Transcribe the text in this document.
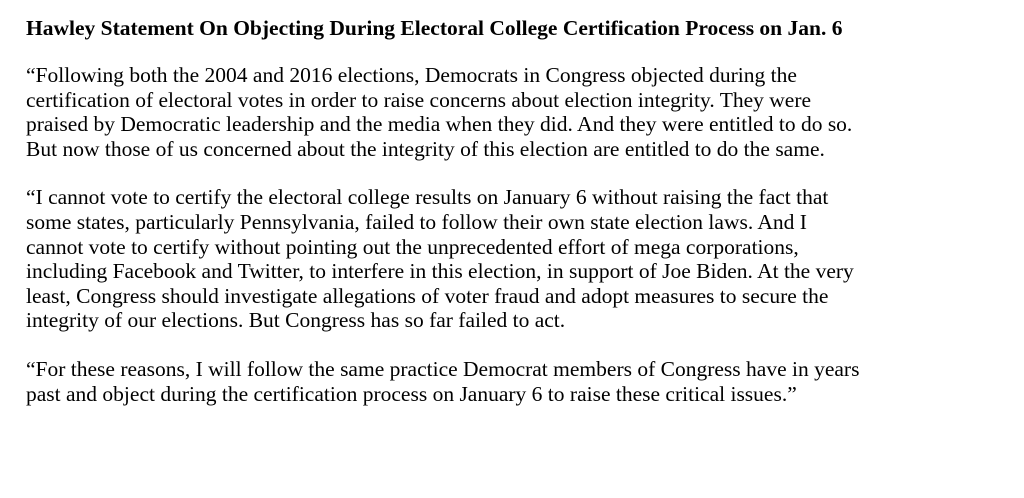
Hawley Statement On Objecting During Electoral College Certification Process on Jan. 6

“Following both the 2004 and 2016 elections, Democrats in Congress objected during the
certification of electoral votes in order to raise concerns about election integrity. They were
praised by Democratic leadership and the media when they did. And they were entitled to do so.
But now those of us concerned about the integrity of this election are entitled to do the same.

“I cannot vote to certify the electoral college results on January 6 without raising the fact that
some states, particularly Pennsylvania, failed to follow their own state election laws. And I
cannot vote to certify without pointing out the unprecedented effort of mega corporations,
including Facebook and Twitter, to interfere in this election, in support of Joe Biden. At the very
least, Congress should investigate allegations of voter fraud and adopt measures to secure the
integrity of our elections. But Congress has so far failed to act.

“For these reasons, I will follow the same practice Democrat members of Congress have in years
past and object during the certification process on January 6 to raise these critical issues.”
